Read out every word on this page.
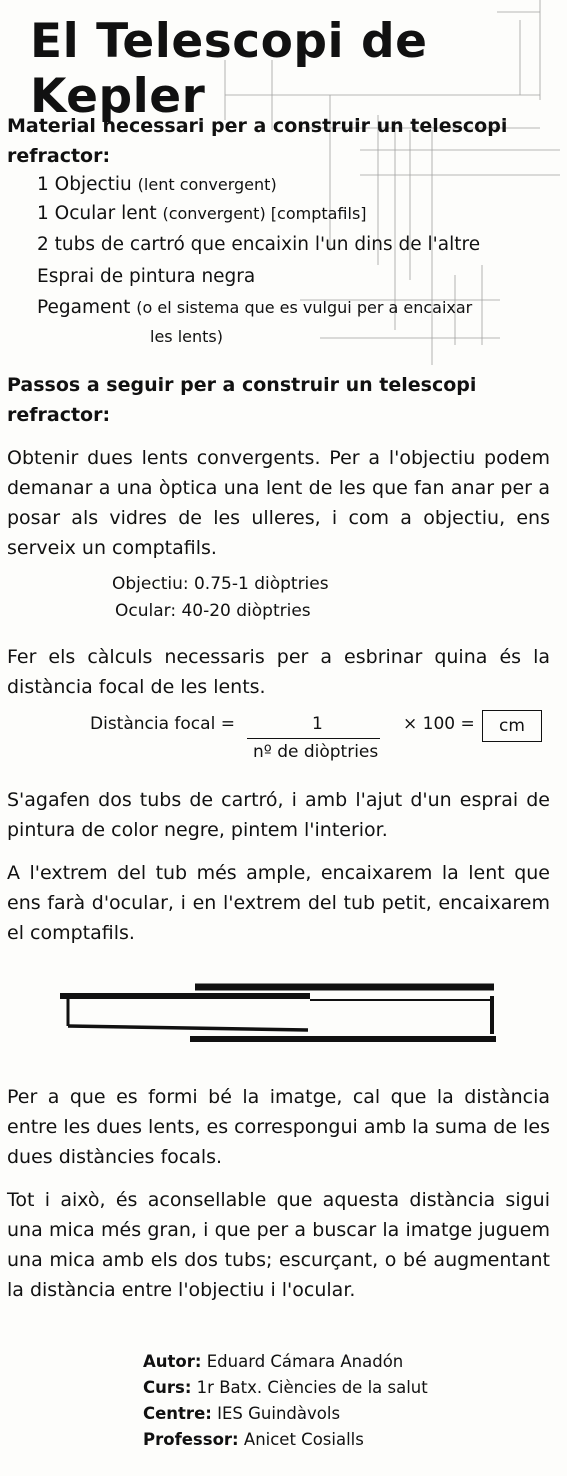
El Telescopi de Kepler

Material necessari per a construir un telescopi refractor:

1 Objectiu (lent convergent)
1 Ocular lent (convergent) [comptafils]
2 tubs de cartró que encaixin l'un dins de l'altre
Esprai de pintura negra
Pegament (o el sistema que es vulgui per a encaixar
les lents)

Passos a seguir per a construir un telescopi refractor:

Obtenir dues lents convergents. Per a l'objectiu podem demanar a una òptica una lent de les que fan anar per a posar als vidres de les ulleres, i com a objectiu, ens serveix un comptafils.

Objectiu: 0.75-1 diòptries
Ocular: 40-20 diòptries

Fer els càlculs necessaris per a esbrinar quina és la distància focal de les lents.

Distància focal =	1
nº de diòptries
× 100 = cm

S'agafen dos tubs de cartró, i amb l'ajut d'un esprai de pintura de color negre, pintem l'interior.

A l'extrem del tub més ample, encaixarem la lent que ens farà d'ocular, i en l'extrem del tub petit, encaixarem el comptafils.

Per a que es formi bé la imatge, cal que la distància entre les dues lents, es correspongui amb la suma de les dues distàncies focals.

Tot i això, és aconsellable que aquesta distància sigui una mica més gran, i que per a buscar la imatge juguem una mica amb els dos tubs; escurçant, o bé augmentant la distància entre l'objectiu i l'ocular.

Autor: Eduard Cámara Anadón
Curs: 1r Batx. Ciències de la salut
Centre: IES Guindàvols
Professor: Anicet Cosialls
